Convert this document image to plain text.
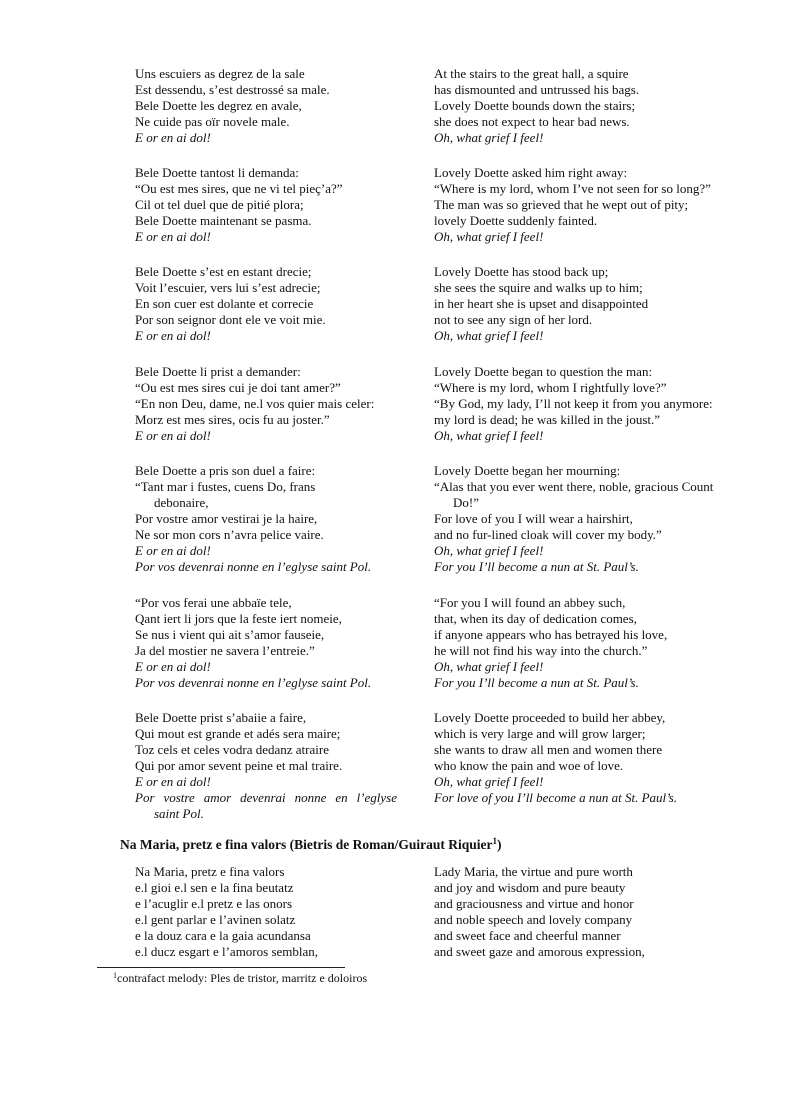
Uns escuiers as degrez de la sale
Est dessendu, s’est destrossé sa male.
Bele Doette les degrez en avale,
Ne cuide pas oïr novele male.
E or en ai dol!
At the stairs to the great hall, a squire
has dismounted and untrussed his bags.
Lovely Doette bounds down the stairs;
she does not expect to hear bad news.
Oh, what grief I feel!
Bele Doette tantost li demanda:
“Ou est mes sires, que ne vi tel pieç’a?”
Cil ot tel duel que de pitié plora;
Bele Doette maintenant se pasma.
E or en ai dol!
Lovely Doette asked him right away:
“Where is my lord, whom I’ve not seen for so long?”
The man was so grieved that he wept out of pity;
lovely Doette suddenly fainted.
Oh, what grief I feel!
Bele Doette s’est en estant drecie;
Voit l’escuier, vers lui s’est adrecie;
En son cuer est dolante et correcie
Por son seignor dont ele ve voit mie.
E or en ai dol!
Lovely Doette has stood back up;
she sees the squire and walks up to him;
in her heart she is upset and disappointed
not to see any sign of her lord.
Oh, what grief I feel!
Bele Doette li prist a demander:
“Ou est mes sires cui je doi tant amer?”
“En non Deu, dame, ne.l vos quier mais celer:
Morz est mes sires, ocis fu au joster.”
E or en ai dol!
Lovely Doette began to question the man:
“Where is my lord, whom I rightfully love?”
“By God, my lady, I’ll not keep it from you anymore:
my lord is dead; he was killed in the joust.”
Oh, what grief I feel!
Bele Doette a pris son duel a faire:
“Tant mar i fustes, cuens Do, frans
debonaire,
Por vostre amor vestirai je la haire,
Ne sor mon cors n’avra pelice vaire.
E or en ai dol!
Por vos devenrai nonne en l’eglyse saint Pol.
Lovely Doette began her mourning:
“Alas that you ever went there, noble, gracious Count
Do!”
For love of you I will wear a hairshirt,
and no fur-lined cloak will cover my body.”
Oh, what grief I feel!
For you I’ll become a nun at St. Paul’s.
“Por vos ferai une abbaïe tele,
Qant iert li jors que la feste iert nomeie,
Se nus i vient qui ait s’amor fauseie,
Ja del mostier ne savera l’entreie.”
E or en ai dol!
Por vos devenrai nonne en l’eglyse saint Pol.
“For you I will found an abbey such,
that, when its day of dedication comes,
if anyone appears who has betrayed his love,
he will not find his way into the church.”
Oh, what grief I feel!
For you I’ll become a nun at St. Paul’s.
Bele Doette prist s’abaiie a faire,
Qui mout est grande et adés sera maire;
Toz cels et celes vodra dedanz atraire
Qui por amor sevent peine et mal traire.
E or en ai dol!
Por vostre amor devenrai nonne en l’eglyse
saint Pol.
Lovely Doette proceeded to build her abbey,
which is very large and will grow larger;
she wants to draw all men and women there
who know the pain and woe of love.
Oh, what grief I feel!
For love of you I’ll become a nun at St. Paul’s.
Na Maria, pretz e fina valors (Bietris de Roman/Guiraut Riquier$^1$)
Na Maria, pretz e fina valors
e.l gioi e.l sen e la fina beutatz
e l’acuglir e.l pretz e las onors
e.l gent parlar e l’avinen solatz
e la douz cara e la gaia acundansa
e.l ducz esgart e l’amoros semblan,
Lady Maria, the virtue and pure worth
and joy and wisdom and pure beauty
and graciousness and virtue and honor
and noble speech and lovely company
and sweet face and cheerful manner
and sweet gaze and amorous expression,
$^1$contrafact melody: Ples de tristor, marritz e doloiros
